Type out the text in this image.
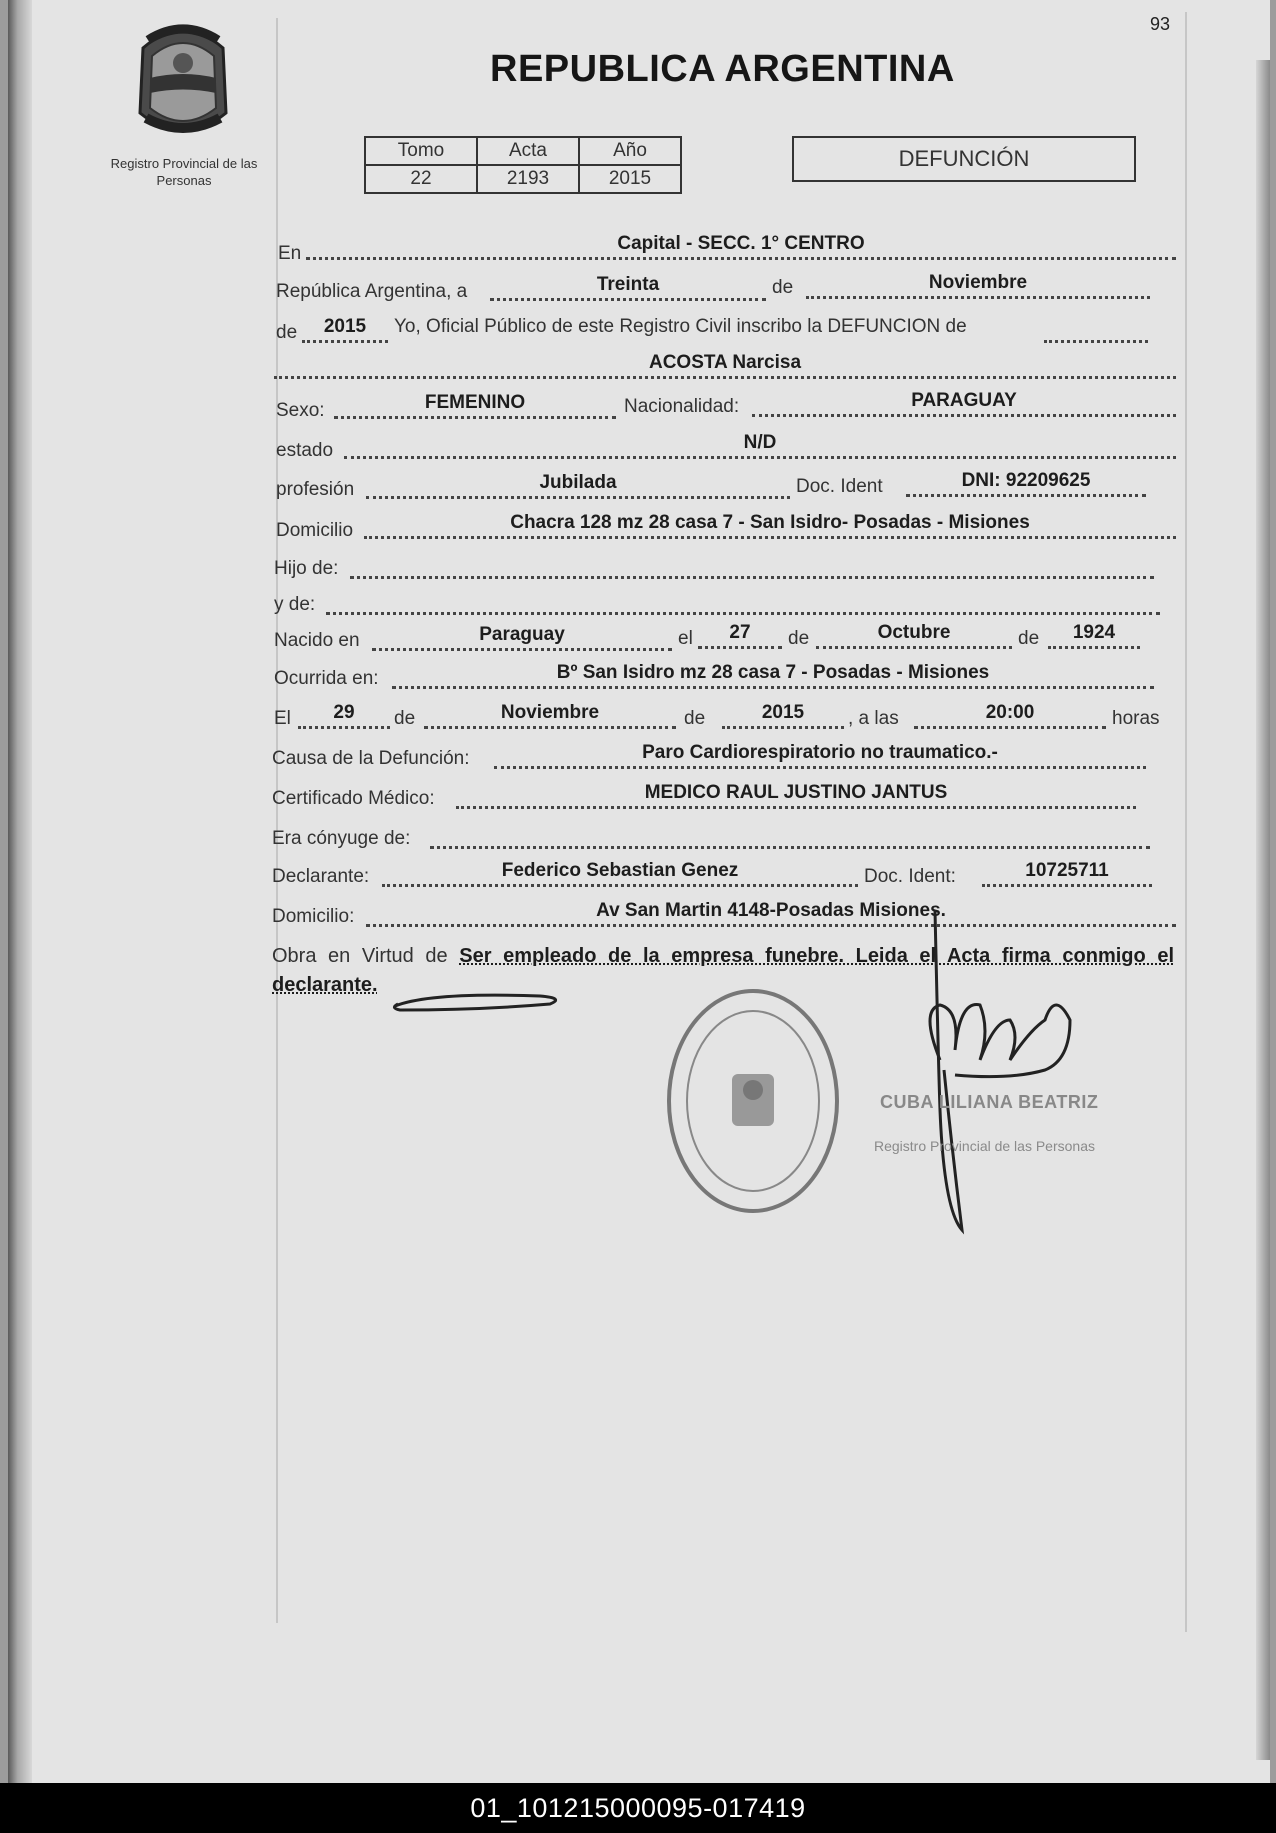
93
Registro Provincial de las Personas
REPUBLICA ARGENTINA
Tomo	Acta	Año
22	2193	2015
DEFUNCIÓN
En	Capital - SECC. 1° CENTRO
República Argentina, a	Treinta	de	Noviembre
de	2015	Yo, Oficial Público de este Registro Civil inscribo la DEFUNCION de
ACOSTA Narcisa
Sexo:	FEMENINO	Nacionalidad:	PARAGUAY
estado	N/D
profesión	Jubilada	Doc. Ident	DNI: 92209625
Domicilio	Chacra 128 mz 28 casa 7 - San Isidro- Posadas - Misiones
Hijo de:
y de:
Nacido en	Paraguay	el	27	de	Octubre	de	1924
Ocurrida en:	Bº San Isidro mz 28 casa 7 - Posadas - Misiones
El	29	de	Noviembre	de	2015	, a las	20:00	horas
Causa de la Defunción:	Paro Cardiorespiratorio no traumatico.-
Certificado Médico:	MEDICO RAUL JUSTINO JANTUS
Era cónyuge de:
Declarante:	Federico Sebastian Genez	Doc. Ident:	10725711
Domicilio:	Av San Martin 4148-Posadas Misiones.
Obra en Virtud de Ser empleado de la empresa funebre. Leida el Acta firma conmigo el declarante.
CUBA LILIANA BEATRIZ
Registro Provincial de las Personas
01_101215000095-017419
